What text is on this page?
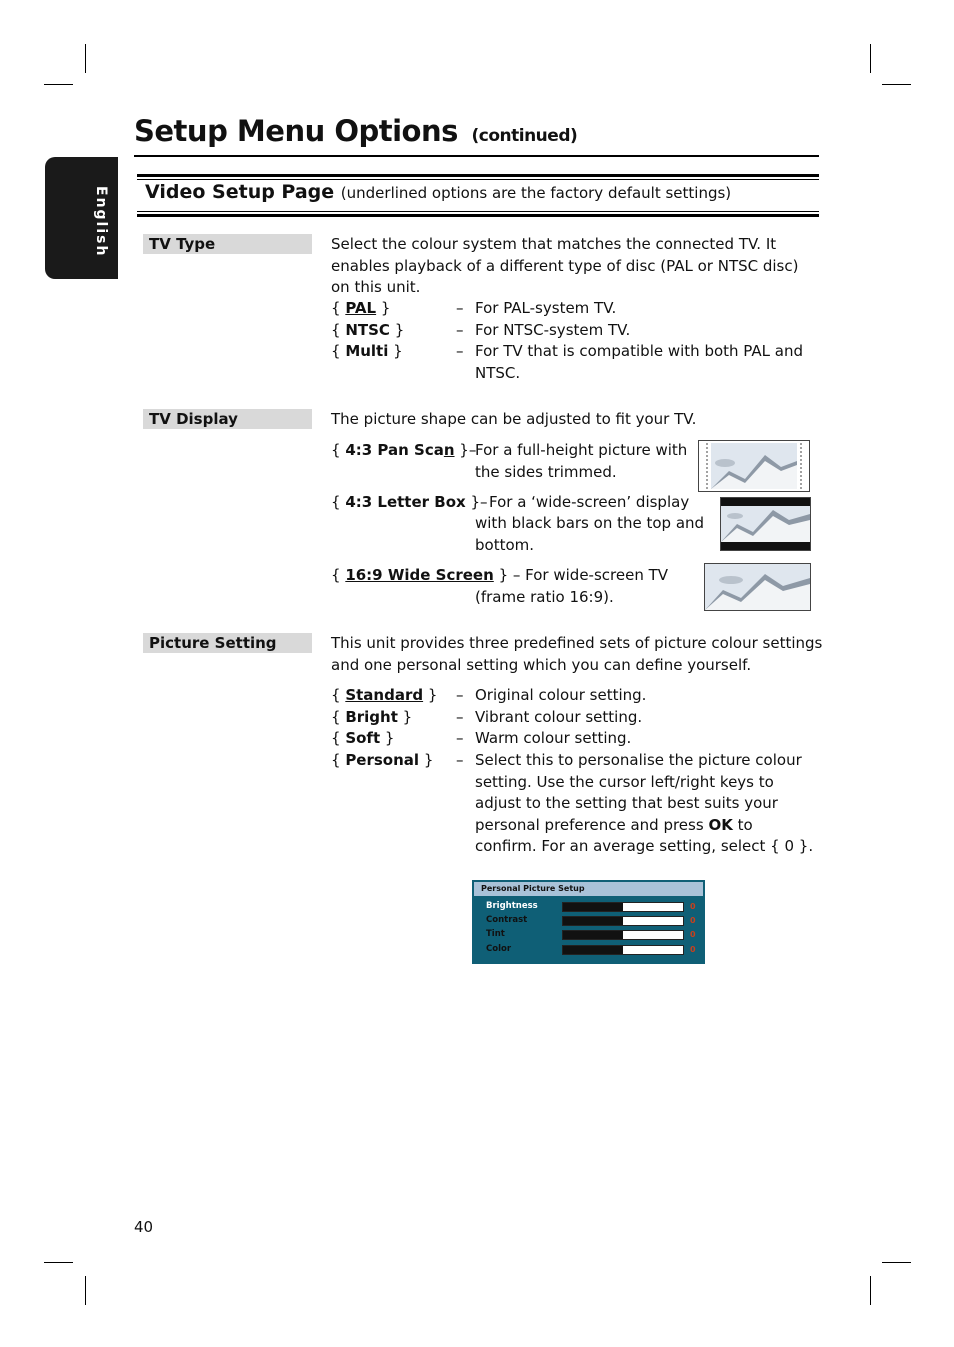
English
Setup Menu Options (continued)
Video Setup Page (underlined options are the factory default settings)
TV Type	Select the colour system that matches the connected TV. It
enables playback of a different type of disc (PAL or NTSC disc)
on this unit.
{ PAL }	– For PAL-system TV.
{ NTSC }	– For NTSC-system TV.
{ Multi }	– For TV that is compatible with both PAL and
NTSC.
TV Display	The picture shape can be adjusted to fit your TV.
{ 4:3 Pan Scan }–
For a full-height picture with
the sides trimmed.
{ 4:3 Letter Box }– For a ‘wide-screen’ display
with black bars on the top and
bottom.
{ 16:9 Wide Screen } – For wide-screen TV
(frame ratio 16:9).
Picture Setting	This unit provides three predefined sets of picture colour settings
and one personal setting which you can define yourself.
{ Standard } – Original colour setting.
{ Bright }	– Vibrant colour setting.
{ Soft }	– Warm colour setting.
{ Personal } – Select this to personalise the picture colour
setting. Use the cursor left/right keys to
adjust to the setting that best suits your
personal preference and press OK to
confirm. For an average setting, select { 0 }.
Personal Picture Setup
Brightness	0
Contrast	0
Tint	0
Color	0
40
